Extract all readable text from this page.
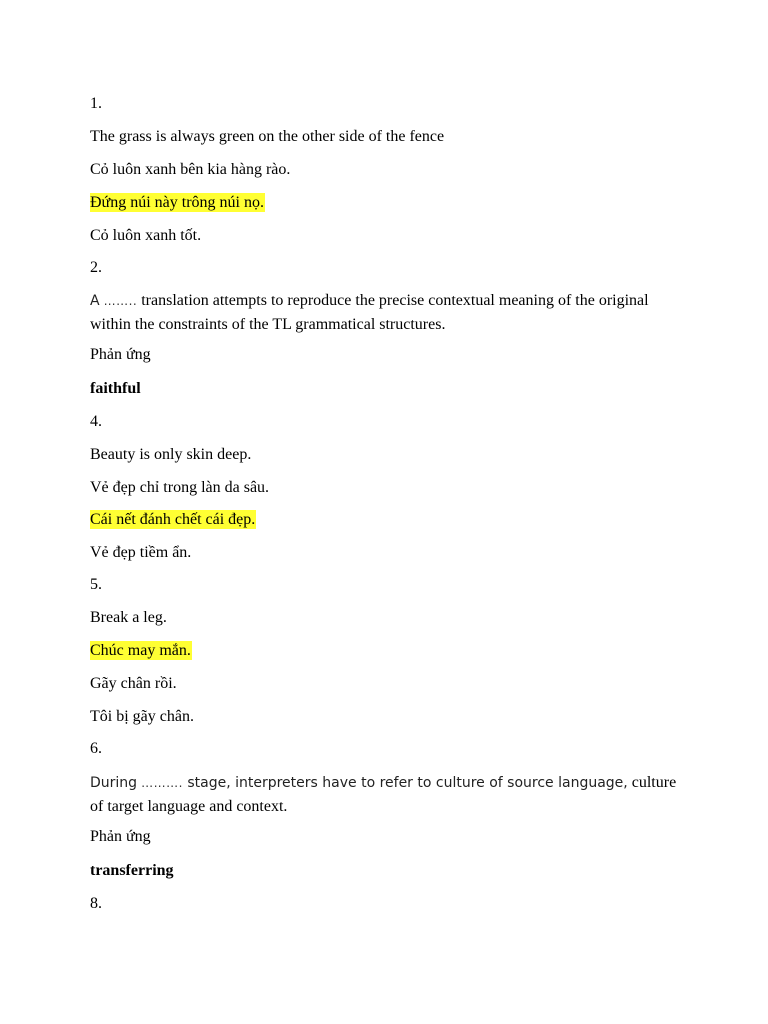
1.

The grass is always green on the other side of the fence

Cỏ luôn xanh bên kia hàng rào.

Đứng núi này trông núi nọ.

Cỏ luôn xanh tốt.

2.

A …….. translation attempts to reproduce the precise contextual meaning of the original within the constraints of the TL grammatical structures.

Phản ứng

faithful

4.

Beauty is only skin deep.

Vẻ đẹp chỉ trong làn da sâu.

Cái nết đánh chết cái đẹp.

Vẻ đẹp tiềm ẩn.

5.

Break a leg.

Chúc may mắn.

Gãy chân rồi.

Tôi bị gãy chân.

6.

During ………. stage, interpreters have to refer to culture of source language, culture of target language and context.

Phản ứng

transferring

8.
